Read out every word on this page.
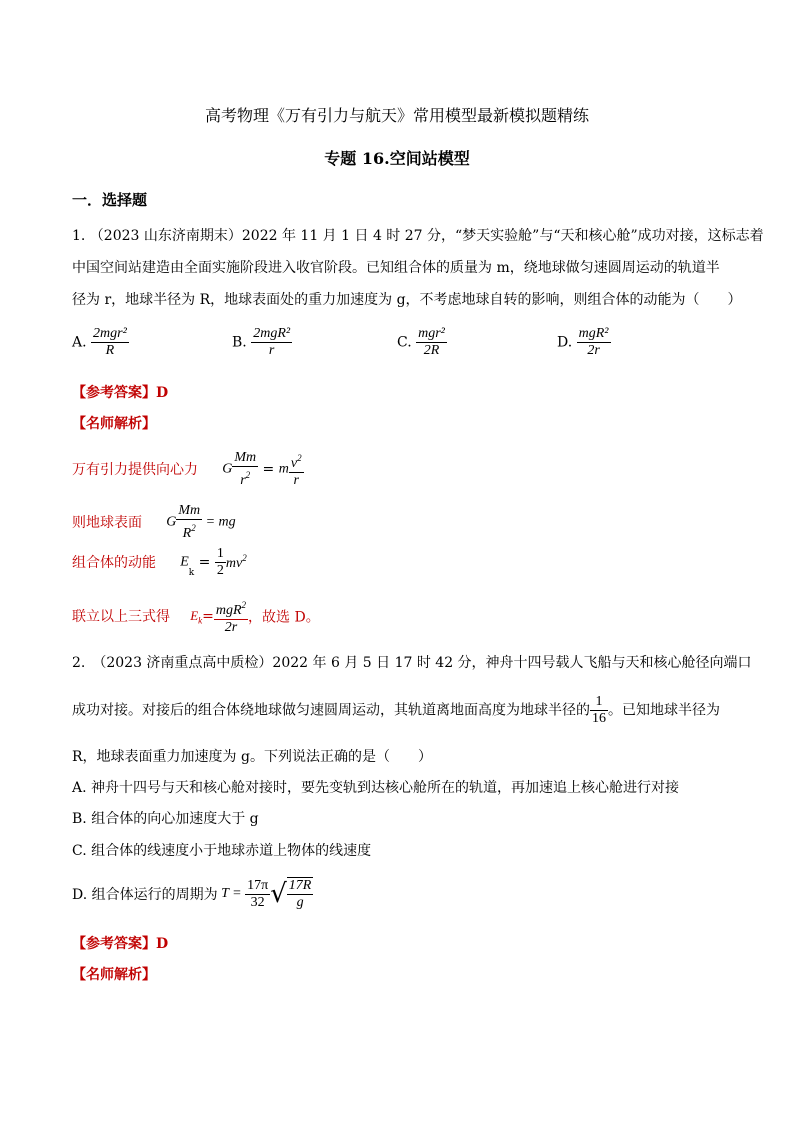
高考物理《万有引力与航天》常用模型最新模拟题精练
专题 16.空间站模型
一．选择题
1. （2023 山东济南期末）2022 年 11 月 1 日 4 时 27 分，“梦天实验舱”与“天和核心舱”成功对接，这标志着
中国空间站建造由全面实施阶段进入收官阶段。已知组合体的质量为 m，绕地球做匀速圆周运动的轨道半
径为 r，地球半径为 R，地球表面处的重力加速度为 g，不考虑地球自转的影响，则组合体的动能为（　　）
A. $\frac{\text{2mgr²}}{R}$	B. $\frac{\text{2mgR²}}{r}$	C. $\frac{\text{mgr²}}{2R}$	D. $\frac{\text{mgR²}}{2r}$
【参考答案】D
【名师解析】
万有引力提供向心力 G $\frac{Mm}{r^2} = m \frac{v^2}{r}$
则地球表面 G $\frac{Mm}{R^2}$ = mg
组合体的动能 $E_k = \frac{1}{2} mv^2$
联立以上三式得 $E_k= \frac{mgR^2}{2r}$ ，故选 D。
2.　（2023 济南重点高中质检）2022 年 6 月 5 日 17 时 42 分，神舟十四号载人飞船与天和核心舱径向端口
成功对接。对接后的组合体绕地球做匀速圆周运动，其轨道离地面高度为地球半径的 $\frac{1}{16}$ 。已知地球半径为
R，地球表面重力加速度为 g。下列说法正确的是（　　）
A. 神舟十四号与天和核心舱对接时，要先变轨到达核心舱所在的轨道，再加速追上核心舱进行对接
B. 组合体的向心加速度大于 g
C. 组合体的线速度小于地球赤道上物体的线速度
D. 组合体运行的周期为 $T = \frac{17\pi}{32}$ √ $\frac{17R}{g}$
【参考答案】D
【名师解析】
